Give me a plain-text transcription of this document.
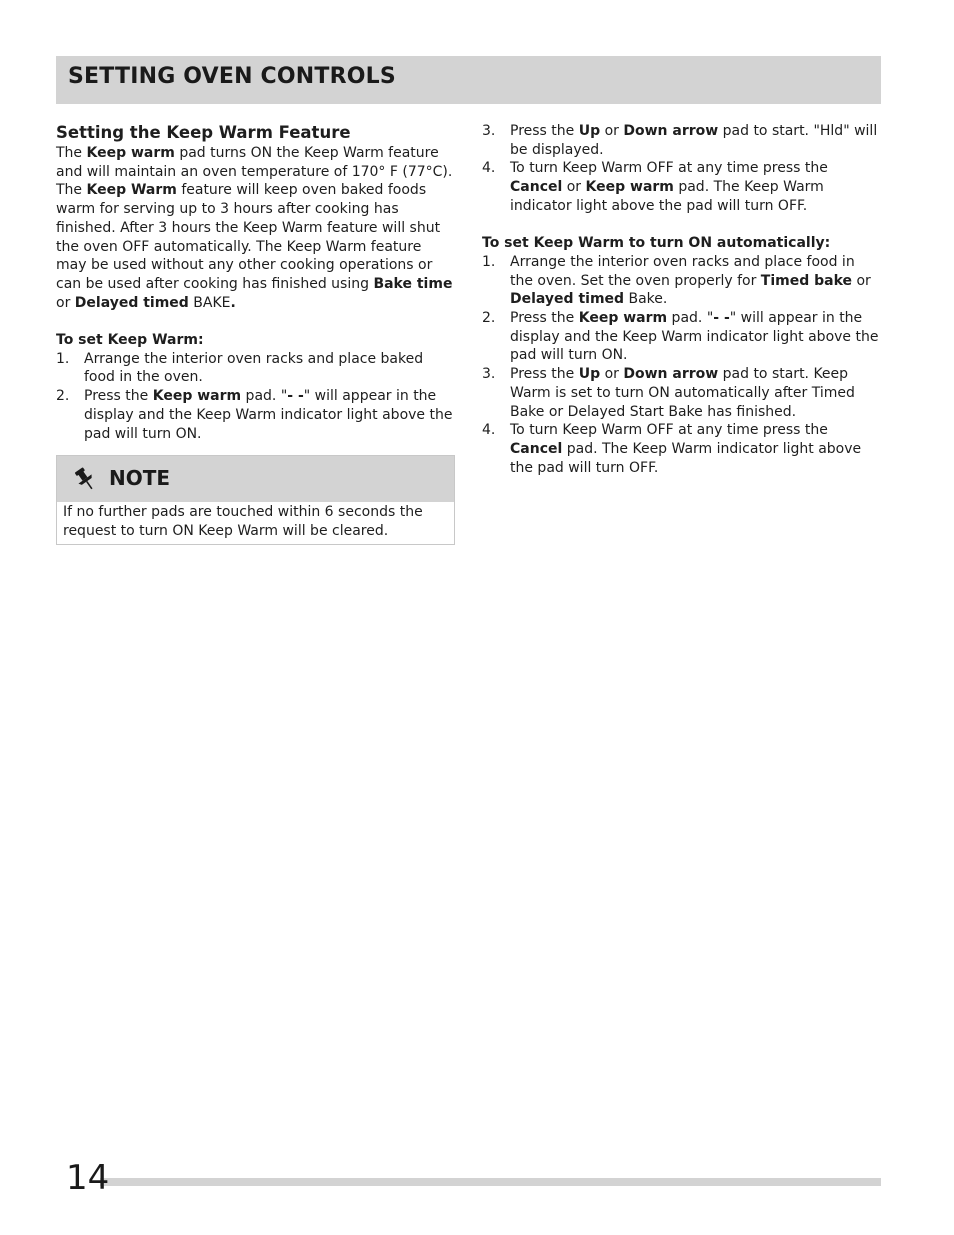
SETTING OVEN CONTROLS
Setting the Keep Warm Feature

The Keep warm pad turns ON the Keep Warm feature and will maintain an oven temperature of 170° F (77°C). The Keep Warm feature will keep oven baked foods warm for serving up to 3 hours after cooking has finished. After 3 hours the Keep Warm feature will shut the oven OFF automatically. The Keep Warm feature may be used without any other cooking operations or can be used after cooking has finished using Bake time or Delayed timed BAKE.

To set Keep Warm:

1. Arrange the interior oven racks and place baked food in the oven.
2. Press the Keep warm pad. "- -" will appear in the display and the Keep Warm indicator light above the pad will turn ON.
NOTE
If no further pads are touched within 6 seconds the request to turn ON Keep Warm will be cleared.
3. Press the Up or Down arrow pad to start. "Hld" will be displayed.
4. To turn Keep Warm OFF at any time press the Cancel or Keep warm pad. The Keep Warm indicator light above the pad will turn OFF.

To set Keep Warm to turn ON automatically:

1. Arrange the interior oven racks and place food in the oven. Set the oven properly for Timed bake or Delayed timed Bake.
2. Press the Keep warm pad. "- -" will appear in the display and the Keep Warm indicator light above the pad will turn ON.
3. Press the Up or Down arrow pad to start. Keep Warm is set to turn ON automatically after Timed Bake or Delayed Start Bake has finished.
4. To turn Keep Warm OFF at any time press the Cancel pad. The Keep Warm indicator light above the pad will turn OFF.
14
